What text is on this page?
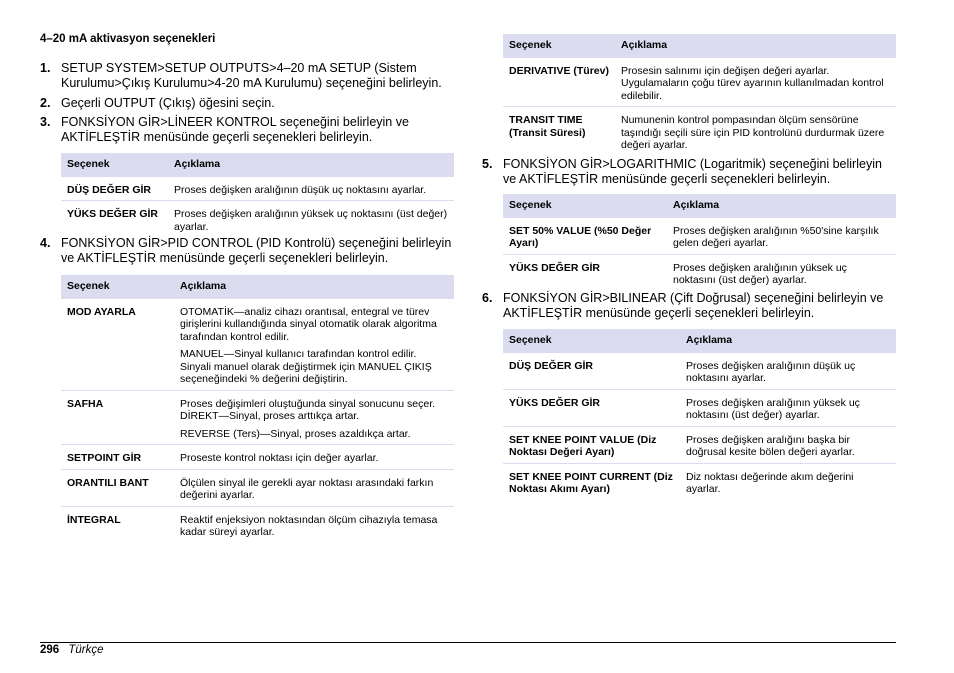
4–20 mA aktivasyon seçenekleri
1. SETUP SYSTEM>SETUP OUTPUTS>4–20 mA SETUP (Sistem Kurulumu>Çıkış Kurulumu>4-20 mA Kurulumu) seçeneğini belirleyin.
2. Geçerli OUTPUT (Çıkış) öğesini seçin.
3. FONKSİYON GİR>LİNEER KONTROL seçeneğini belirleyin ve AKTİFLEŞTİR menüsünde geçerli seçenekleri belirleyin.
Seçenek	Açıklama
DÜŞ DEĞER GİR	Proses değişken aralığının düşük uç noktasını ayarlar.

YÜKS DEĞER GİR	Proses değişken aralığının yüksek uç noktasını (üst değer) ayarlar.
4. FONKSİYON GİR>PID CONTROL (PID Kontrolü) seçeneğini belirleyin ve AKTİFLEŞTİR menüsünde geçerli seçenekleri belirleyin.
Seçenek	Açıklama
MOD AYARLA	OTOMATİK—analiz cihazı orantısal, entegral ve türev girişlerini kullandığında sinyal otomatik olarak algoritma tarafından kontrol edilir.
MANUEL—Sinyal kullanıcı tarafından kontrol edilir. Sinyali manuel olarak değiştirmek için MANUEL ÇIKIŞ seçeneğindeki % değerini değiştirin.

SAFHA	Proses değişimleri oluştuğunda sinyal sonucunu seçer.
DİREKT—Sinyal, proses arttıkça artar.
REVERSE (Ters)—Sinyal, proses azaldıkça artar.

SETPOINT GİR	Proseste kontrol noktası için değer ayarlar.

ORANTILI BANT	Ölçülen sinyal ile gerekli ayar noktası arasındaki farkın değerini ayarlar.

İNTEGRAL	Reaktif enjeksiyon noktasından ölçüm cihazıyla temasa kadar süreyi ayarlar.
Seçenek	Açıklama
DERIVATIVE (Türev)	Prosesin salınımı için değişen değeri ayarlar. Uygulamaların çoğu türev ayarının kullanılmadan kontrol edilebilir.

TRANSIT TIME (Transit Süresi)	Numunenin kontrol pompasından ölçüm sensörüne taşındığı seçili süre için PID kontrolünü durdurmak üzere değeri ayarlar.
5. FONKSİYON GİR>LOGARITHMIC (Logaritmik) seçeneğini belirleyin ve AKTİFLEŞTİR menüsünde geçerli seçenekleri belirleyin.
Seçenek	Açıklama
SET 50% VALUE (%50 Değer Ayarı)	Proses değişken aralığının %50'sine karşılık gelen değeri ayarlar.

YÜKS DEĞER GİR	Proses değişken aralığının yüksek uç noktasını (üst değer) ayarlar.
6. FONKSİYON GİR>BILINEAR (Çift Doğrusal) seçeneğini belirleyin ve AKTİFLEŞTİR menüsünde geçerli seçenekleri belirleyin.
Seçenek	Açıklama
DÜŞ DEĞER GİR	Proses değişken aralığının düşük uç noktasını ayarlar.

YÜKS DEĞER GİR	Proses değişken aralığının yüksek uç noktasını (üst değer) ayarlar.

SET KNEE POINT VALUE (Diz Noktası Değeri Ayarı)	Proses değişken aralığını başka bir doğrusal kesite bölen değeri ayarlar.

SET KNEE POINT CURRENT (Diz Noktası Akımı Ayarı)	Diz noktası değerinde akım değerini ayarlar.
296 Türkçe
